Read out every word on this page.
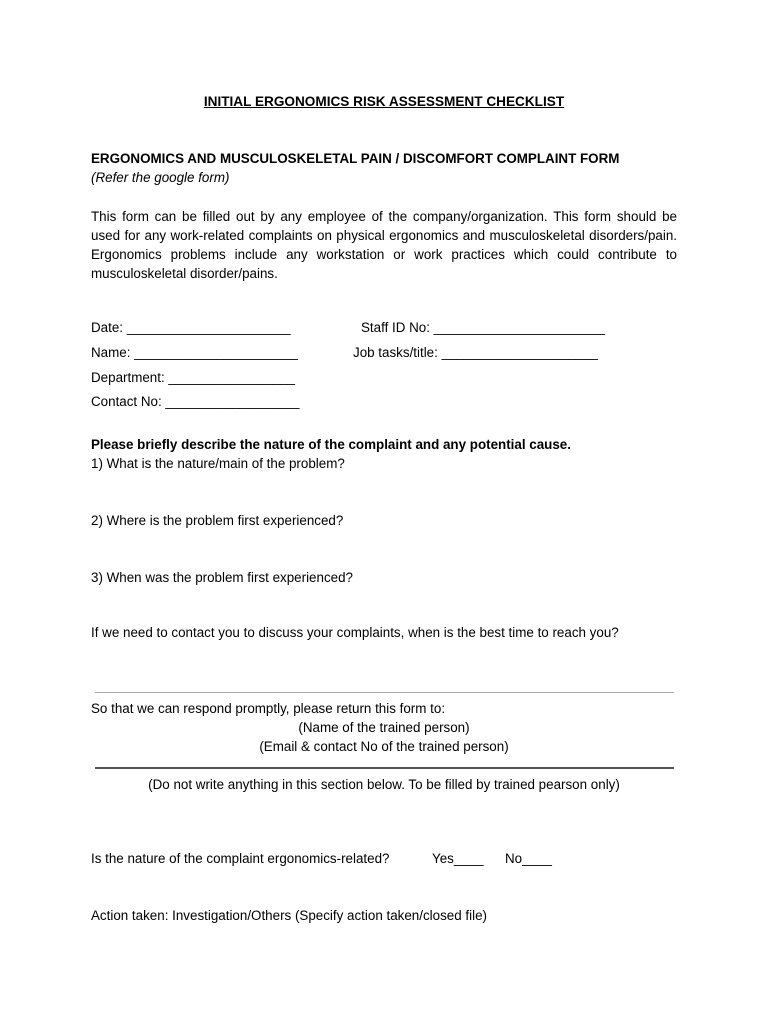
INITIAL ERGONOMICS RISK ASSESSMENT CHECKLIST
ERGONOMICS AND MUSCULOSKELETAL PAIN / DISCOMFORT COMPLAINT FORM
(Refer the google form)
This form can be filled out by any employee of the company/organization. This form should be used for any work-related complaints on physical ergonomics and musculoskeletal disorders/pain. Ergonomics problems include any workstation or work practices which could contribute to musculoskeletal disorder/pains.
Date: ______________________	Staff ID No: _______________________
Name: ______________________	Job tasks/title: _____________________
Department: _________________
Contact No: __________________
Please briefly describe the nature of the complaint and any potential cause.
1) What is the nature/main of the problem?
2) Where is the problem first experienced?
3) When was the problem first experienced?
If we need to contact you to discuss your complaints, when is the best time to reach you?
So that we can respond promptly, please return this form to:
(Name of the trained person)
(Email & contact No of the trained person)
(Do not write anything in this section below. To be filled by trained pearson only)
Is the nature of the complaint ergonomics-related?	Yes____ No____
Action taken: Investigation/Others (Specify action taken/closed file)
